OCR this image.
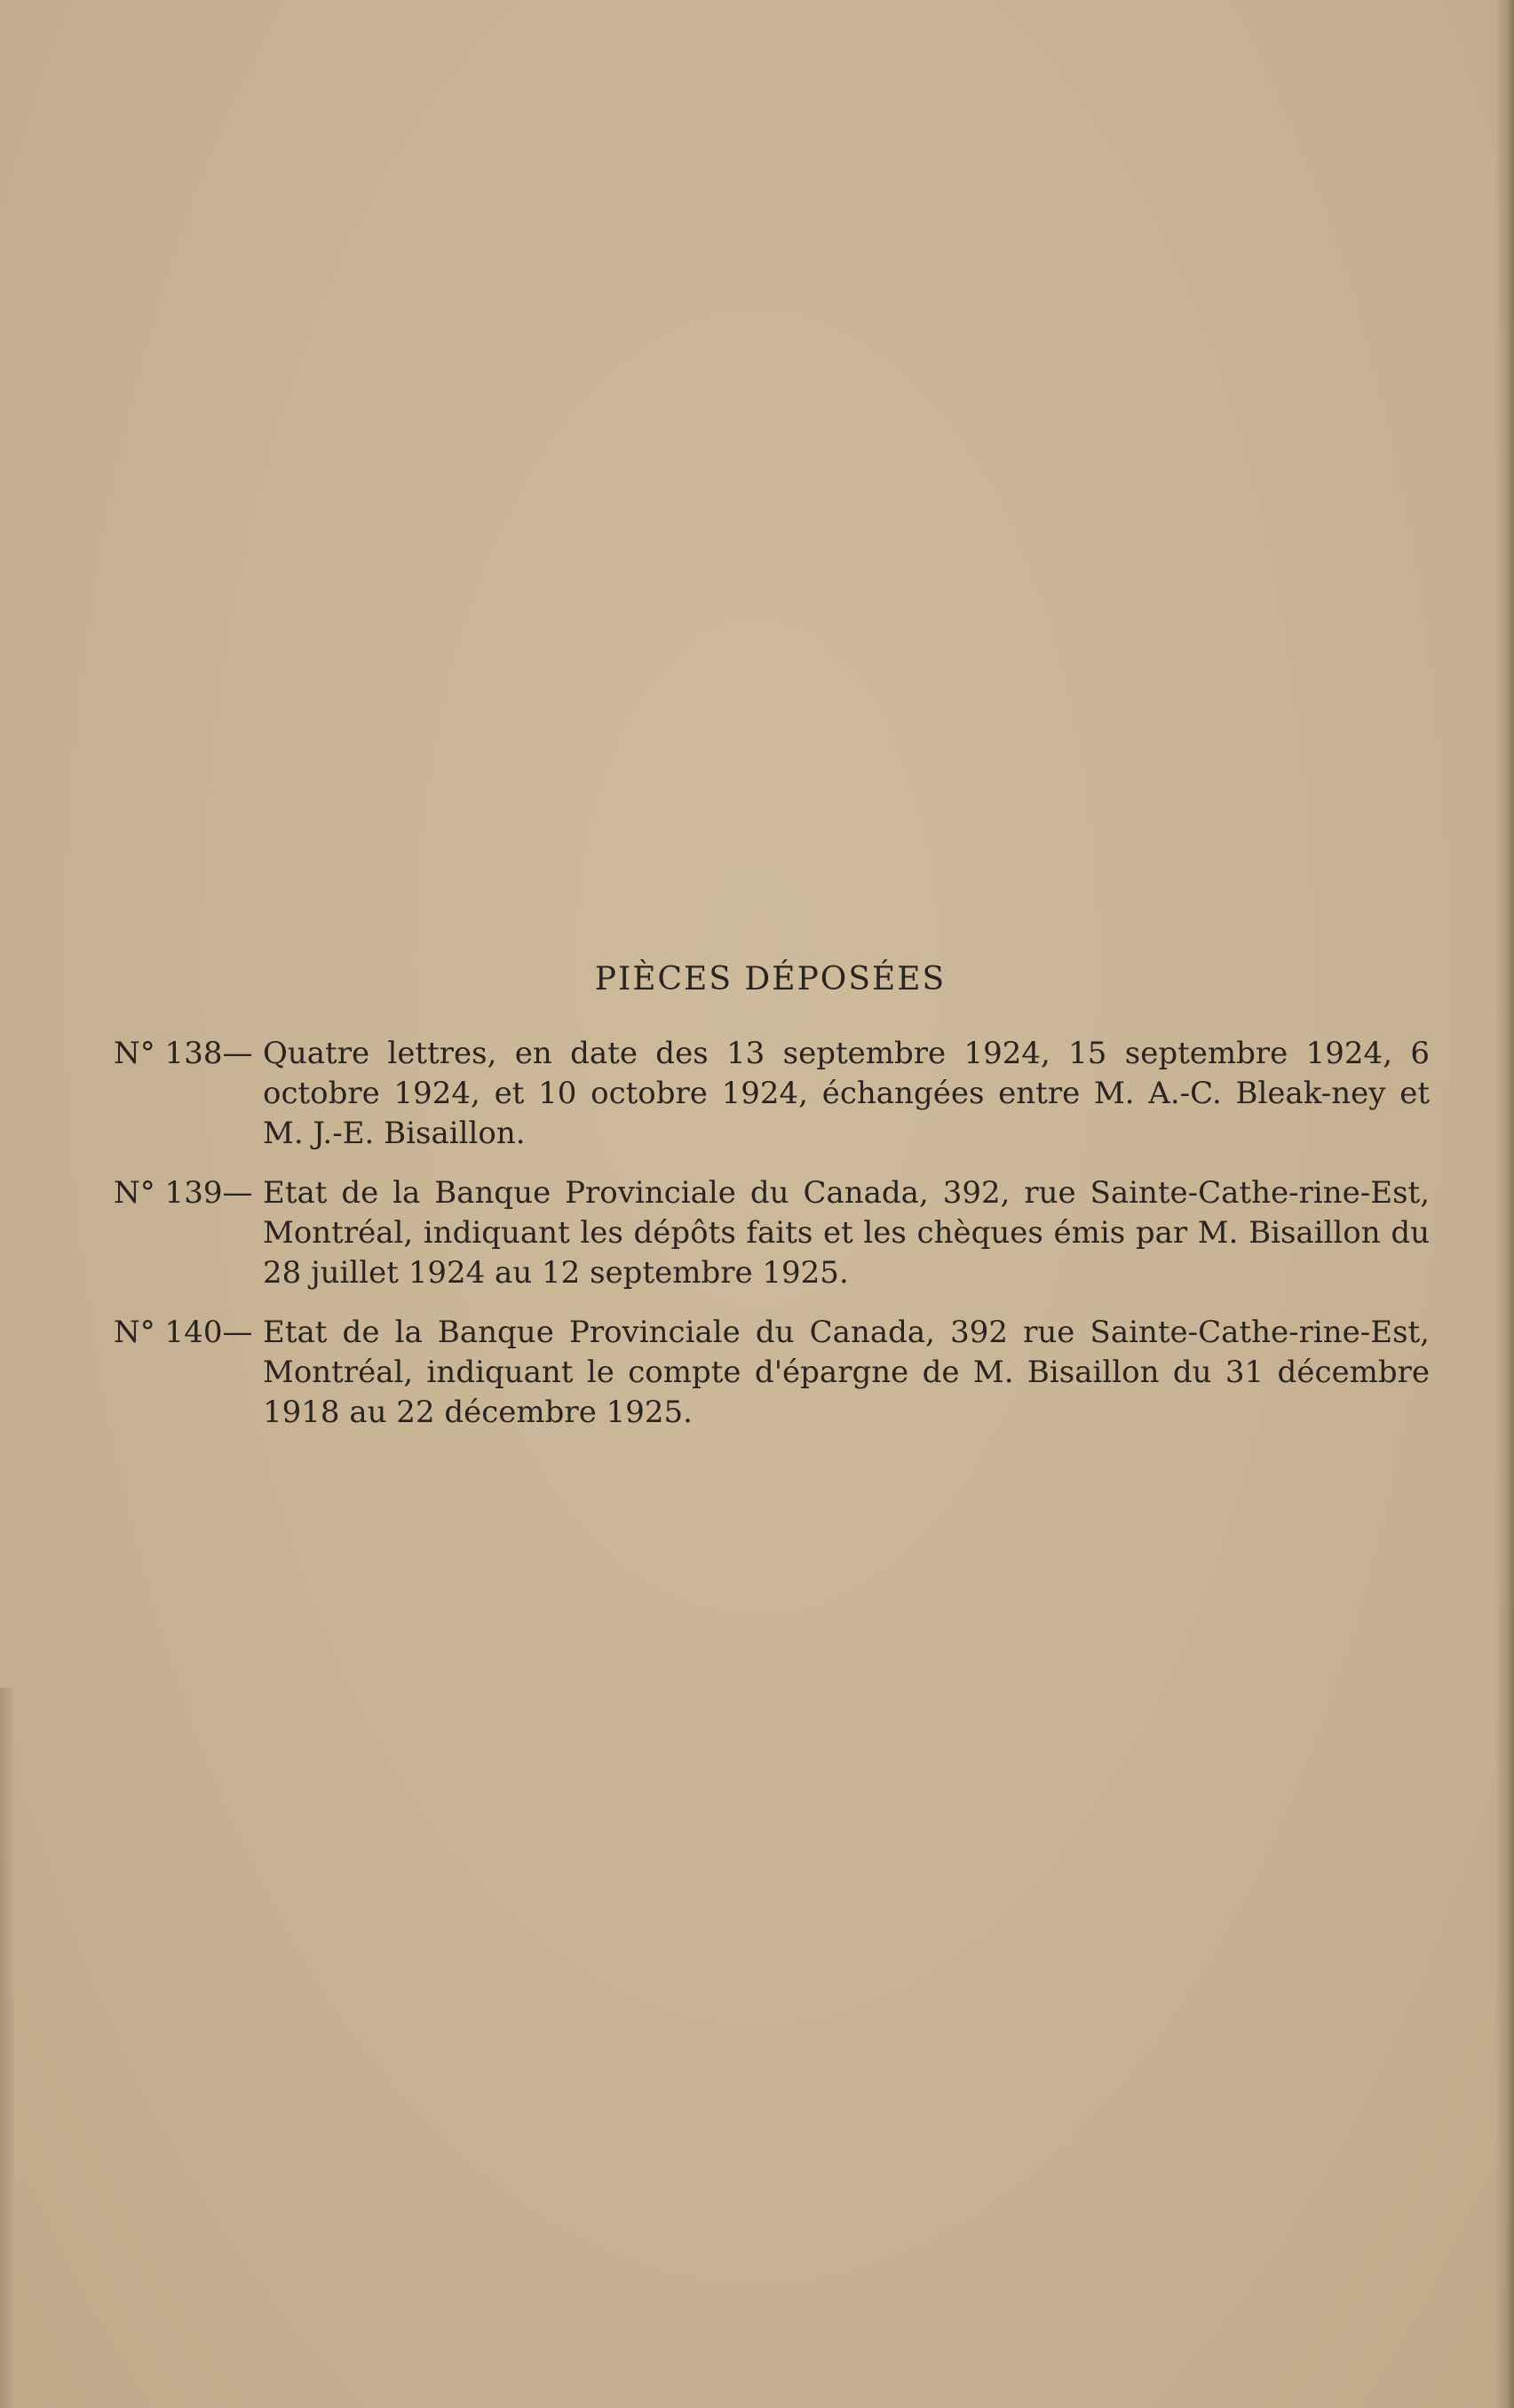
PIÈCES DÉPOSÉES
N° 138— Quatre lettres, en date des 13 septembre 1924, 15 septembre 1924, 6 octobre 1924, et 10 octobre 1924, échangées entre M. A.-C. Bleak-ney et M. J.-E. Bisaillon.
N° 139— Etat de la Banque Provinciale du Canada, 392, rue Sainte-Cathe-rine-Est, Montréal, indiquant les dépôts faits et les chèques émis par M. Bisaillon du 28 juillet 1924 au 12 septembre 1925.
N° 140— Etat de la Banque Provinciale du Canada, 392 rue Sainte-Cathe-rine-Est, Montréal, indiquant le compte d'épargne de M. Bisaillon du 31 décembre 1918 au 22 décembre 1925.
